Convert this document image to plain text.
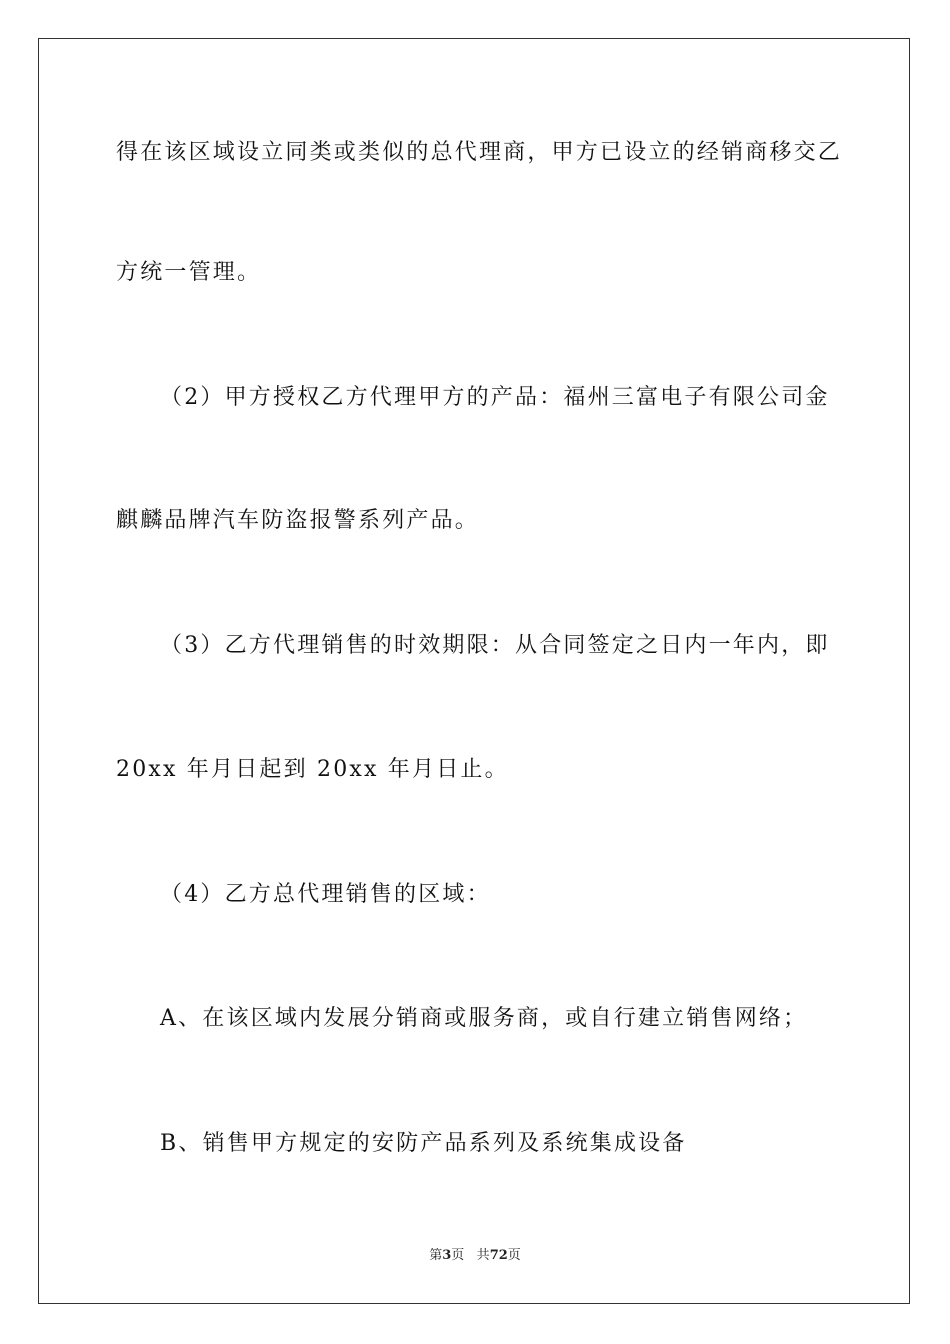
得在该区域设立同类或类似的总代理商，甲方已设立的经销商移交乙
方统一管理。
（2）甲方授权乙方代理甲方的产品：福州三富电子有限公司金
麒麟品牌汽车防盗报警系列产品。
（3）乙方代理销售的时效期限：从合同签定之日内一年内，即
20xx 年月日起到 20xx 年月日止。
（4）乙方总代理销售的区域：
A、在该区域内发展分销商或服务商，或自行建立销售网络；
B、销售甲方规定的安防产品系列及系统集成设备
第3页 共72页
